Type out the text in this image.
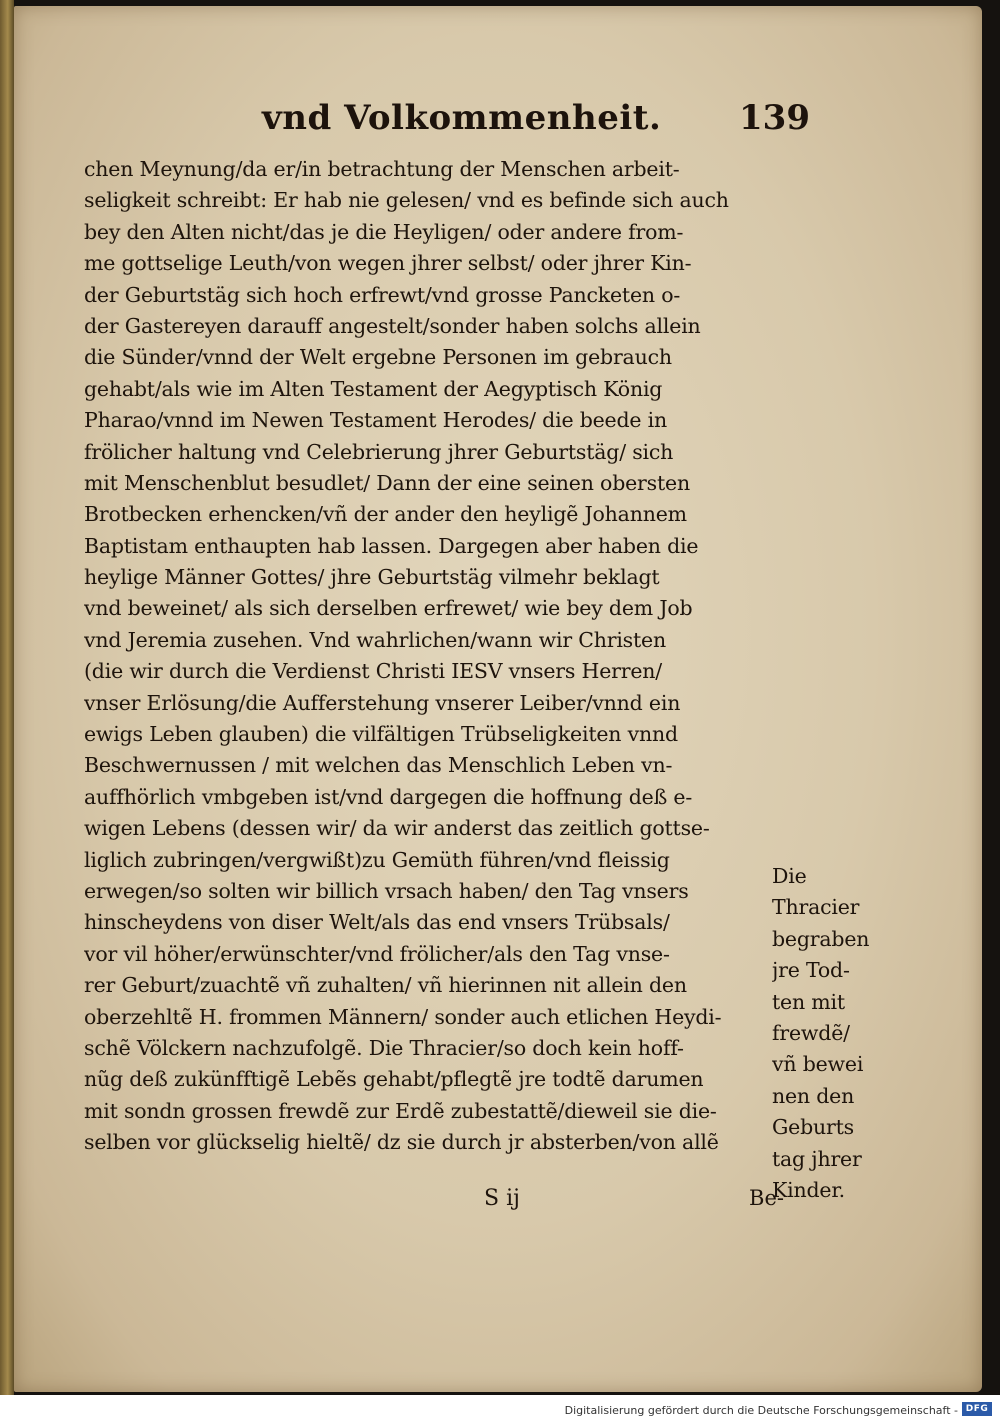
vnd Volkommenheit. 139
chen Meynung/da er/in betrachtung der Menschen arbeit-
seligkeit schreibt: Er hab nie gelesen/ vnd es befinde sich auch
bey den Alten nicht/das je die Heyligen/ oder andere from-
me gottselige Leuth/von wegen jhrer selbst/ oder jhrer Kin-
der Geburtstäg sich hoch erfrewt/vnd grosse Pancketen o-
der Gastereyen darauff angestelt/sonder haben solchs allein
die Sünder/vnnd der Welt ergebne Personen im gebrauch
gehabt/als wie im Alten Testament der Aegyptisch König
Pharao/vnnd im Newen Testament Herodes/ die beede in
frölicher haltung vnd Celebrierung jhrer Geburtstäg/ sich
mit Menschenblut besudlet/ Dann der eine seinen obersten
Brotbecken erhencken/vñ der ander den heyligẽ Johannem
Baptistam enthaupten hab lassen. Dargegen aber haben die
heylige Männer Gottes/ jhre Geburtstäg vilmehr beklagt
vnd beweinet/ als sich derselben erfrewet/ wie bey dem Job
vnd Jeremia zusehen. Vnd wahrlichen/wann wir Christen
(die wir durch die Verdienst Christi IESV vnsers Herren/
vnser Erlösung/die Aufferstehung vnserer Leiber/vnnd ein
ewigs Leben glauben) die vilfältigen Trübseligkeiten vnnd
Beschwernussen / mit welchen das Menschlich Leben vn-
auffhörlich vmbgeben ist/vnd dargegen die hoffnung deß e-
wigen Lebens (dessen wir/ da wir anderst das zeitlich gottse-
liglich zubringen/vergwißt)zu Gemüth führen/vnd fleissig
erwegen/so solten wir billich vrsach haben/ den Tag vnsers
hinscheydens von diser Welt/als das end vnsers Trübsals/
vor vil höher/erwünschter/vnd frölicher/als den Tag vnse-
rer Geburt/zuachtẽ vñ zuhalten/ vñ hierinnen nit allein den
oberzehltẽ H. frommen Männern/ sonder auch etlichen Heydi-
schẽ Völckern nachzufolgẽ. Die Thracier/so doch kein hoff-
nũg deß zukünfftigẽ Lebẽs gehabt/pflegtẽ jre todtẽ darumen
mit sondn grossen frewdẽ zur Erdẽ zubestattẽ/dieweil sie die-
selben vor glückselig hieltẽ/ dz sie durch jr absterben/von allẽ
Die
Thracier
begraben
jre Tod-
ten mit
frewdẽ/
vñ bewei
nen den
Geburts
tag jhrer
Kinder.
S ij	Be-
Digitalisierung gefördert durch die Deutsche Forschungsgemeinschaft - DFG
